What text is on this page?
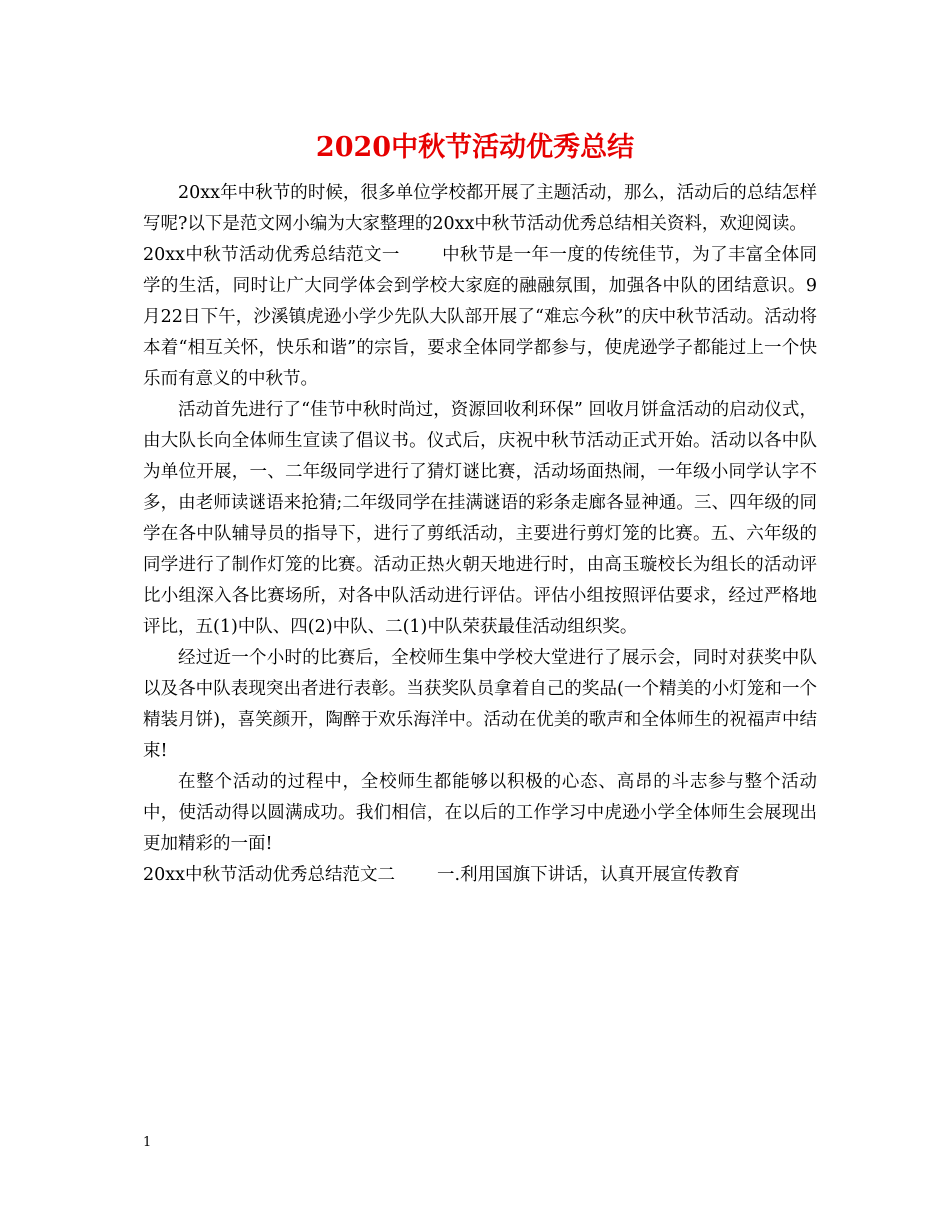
2020中秋节活动优秀总结

20xx年中秋节的时候，很多单位学校都开展了主题活动，那么，活动后的总结怎样写呢?以下是范文网小编为大家整理的20xx中秋节活动优秀总结相关资料，欢迎阅读。

20xx中秋节活动优秀总结范文一 中秋节是一年一度的传统佳节，为了丰富全体同学的生活，同时让广大同学体会到学校大家庭的融融氛围，加强各中队的团结意识。9月22日下午，沙溪镇虎逊小学少先队大队部开展了“难忘今秋”的庆中秋节活动。活动将本着“相互关怀，快乐和谐”的宗旨，要求全体同学都参与，使虎逊学子都能过上一个快乐而有意义的中秋节。

活动首先进行了“佳节中秋时尚过，资源回收利环保” 回收月饼盒活动的启动仪式，由大队长向全体师生宣读了倡议书。仪式后，庆祝中秋节活动正式开始。活动以各中队为单位开展，一、二年级同学进行了猜灯谜比赛，活动场面热闹，一年级小同学认字不多，由老师读谜语来抢猜;二年级同学在挂满谜语的彩条走廊各显神通。三、四年级的同学在各中队辅导员的指导下，进行了剪纸活动，主要进行剪灯笼的比赛。五、六年级的同学进行了制作灯笼的比赛。活动正热火朝天地进行时，由高玉璇校长为组长的活动评比小组深入各比赛场所，对各中队活动进行评估。评估小组按照评估要求，经过严格地评比，五(1)中队、四(2)中队、二(1)中队荣获最佳活动组织奖。

经过近一个小时的比赛后，全校师生集中学校大堂进行了展示会，同时对获奖中队以及各中队表现突出者进行表彰。当获奖队员拿着自己的奖品(一个精美的小灯笼和一个精装月饼)，喜笑颜开，陶醉于欢乐海洋中。活动在优美的歌声和全体师生的祝福声中结束!

在整个活动的过程中，全校师生都能够以积极的心态、高昂的斗志参与整个活动中，使活动得以圆满成功。我们相信，在以后的工作学习中虎逊小学全体师生会展现出更加精彩的一面!

20xx中秋节活动优秀总结范文二 一.利用国旗下讲话，认真开展宣传教育

1
